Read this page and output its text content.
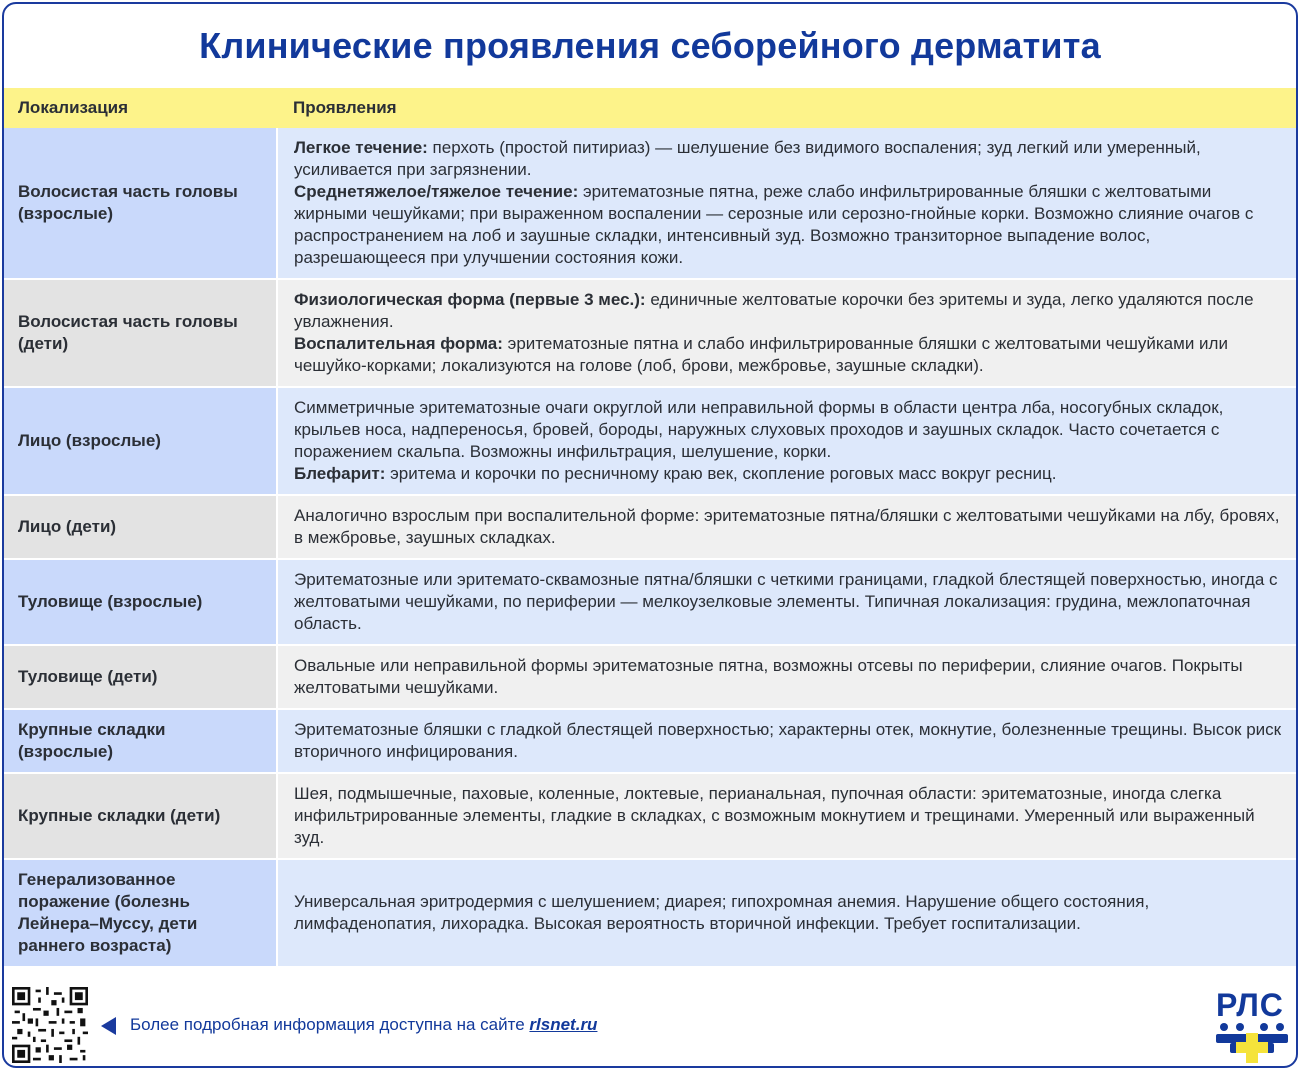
Клинические проявления себорейного дерматита
Локализация	Проявления
Волосистая часть головы (взрослые)	Легкое течение: перхоть (простой питириаз) — шелушение без видимого воспаления; зуд легкий или умеренный, усиливается при загрязнении.
Среднетяжелое/тяжелое течение: эритематозные пятна, реже слабо инфильтрированные бляшки с желтоватыми жирными чешуйками; при выраженном воспалении — серозные или серозно-гнойные корки. Возможно слияние очагов с распространением на лоб и заушные складки, интенсивный зуд. Возможно транзиторное выпадение волос, разрешающееся при улучшении состояния кожи.

Волосистая часть головы (дети)	Физиологическая форма (первые 3 мес.): единичные желтоватые корочки без эритемы и зуда, легко удаляются после увлажнения.
Воспалительная форма: эритематозные пятна и слабо инфильтрированные бляшки с желтоватыми чешуйками или чешуйко-корками; локализуются на голове (лоб, брови, межбровье, заушные складки).

Лицо (взрослые)	Симметричные эритематозные очаги округлой или неправильной формы в области центра лба, носогубных складок, крыльев носа, надпереносья, бровей, бороды, наружных слуховых проходов и заушных складок. Часто сочетается с поражением скальпа. Возможны инфильтрация, шелушение, корки.
Блефарит: эритема и корочки по ресничному краю век, скопление роговых масс вокруг ресниц.

Лицо (дети)	Аналогично взрослым при воспалительной форме: эритематозные пятна/бляшки с желтоватыми чешуйками на лбу, бровях, в межбровье, заушных складках.

Туловище (взрослые)	Эритематозные или эритемато-сквамозные пятна/бляшки с четкими границами, гладкой блестящей поверхностью, иногда с желтоватыми чешуйками, по периферии — мелкоузелковые элементы. Типичная локализация: грудина, межлопаточная область.

Туловище (дети)	Овальные или неправильной формы эритематозные пятна, возможны отсевы по периферии, слияние очагов. Покрыты желтоватыми чешуйками.

Крупные складки (взрослые)	Эритематозные бляшки с гладкой блестящей поверхностью; характерны отек, мокнутие, болезненные трещины. Высок риск вторичного инфицирования.

Крупные складки (дети)	Шея, подмышечные, паховые, коленные, локтевые, перианальная, пупочная области: эритематозные, иногда слегка инфильтрированные элементы, гладкие в складках, с возможным мокнутием и трещинами. Умеренный или выраженный зуд.

Генерализованное поражение (болезнь Лейнера–Муссу, дети раннего возраста)	Универсальная эритродермия с шелушением; диарея; гипохромная анемия. Нарушение общего состояния, лимфаденопатия, лихорадка. Высокая вероятность вторичной инфекции. Требует госпитализации.
Более подробная информация доступна на сайте rlsnet.ru
РЛС
